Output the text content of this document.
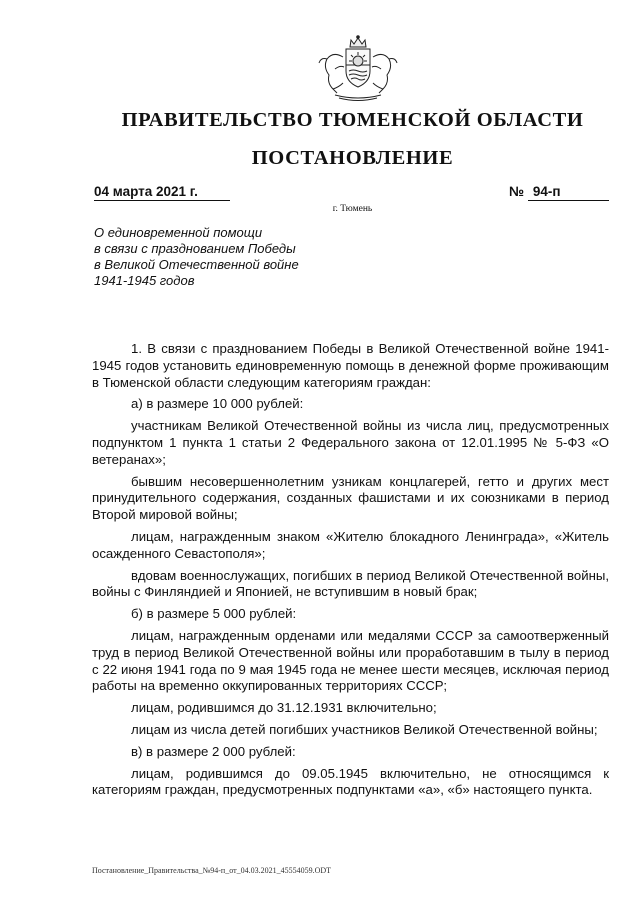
ПРАВИТЕЛЬСТВО ТЮМЕНСКОЙ ОБЛАСТИ
ПОСТАНОВЛЕНИЕ
04 марта 2021 г.	№ 94-п
г. Тюмень
О единовременной помощи
в связи с празднованием Победы
в Великой Отечественной войне
1941-1945 годов

1. В связи с празднованием Победы в Великой Отечественной войне 1941-1945 годов установить единовременную помощь в денежной форме проживающим в Тюменской области следующим категориям граждан:

а) в размере 10 000 рублей:

участникам Великой Отечественной войны из числа лиц, предусмотренных подпунктом 1 пункта 1 статьи 2 Федерального закона от 12.01.1995 № 5-ФЗ «О ветеранах»;

бывшим несовершеннолетним узникам концлагерей, гетто и других мест принудительного содержания, созданных фашистами и их союзниками в период Второй мировой войны;

лицам, награжденным знаком «Жителю блокадного Ленинграда», «Житель осажденного Севастополя»;

вдовам военнослужащих, погибших в период Великой Отечественной войны, войны с Финляндией и Японией, не вступившим в новый брак;

б) в размере 5 000 рублей:

лицам, награжденным орденами или медалями СССР за самоотверженный труд в период Великой Отечественной войны или проработавшим в тылу в период с 22 июня 1941 года по 9 мая 1945 года не менее шести месяцев, исключая период работы на временно оккупированных территориях СССР;

лицам, родившимся до 31.12.1931 включительно;

лицам из числа детей погибших участников Великой Отечественной войны;

в) в размере 2 000 рублей:

лицам, родившимся до 09.05.1945 включительно, не относящимся к категориям граждан, предусмотренных подпунктами «а», «б» настоящего пункта.

Постановление_Правительства_№94-п_от_04.03.2021_45554059.ODT
